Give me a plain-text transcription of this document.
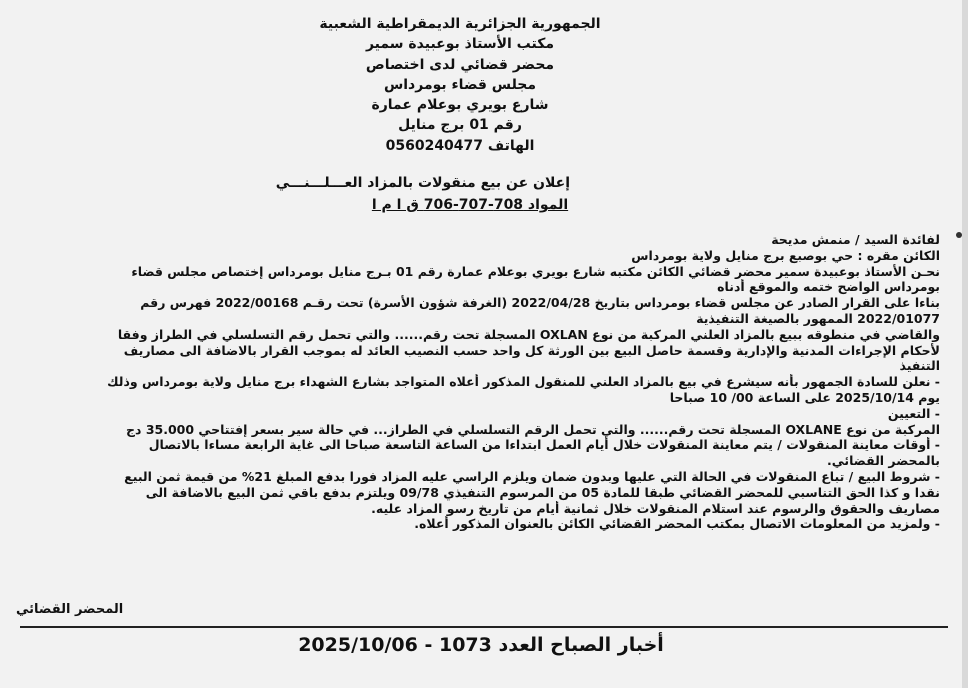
الجمهورية الجزائرية الديمقراطية الشعبية
مكتب الأستاذ بوعبيدة سمير
محضر قضائي لدى اختصاص
مجلس قضاء بومرداس
شارع بويري بوعلام عمارة
رقم 01 برج منايل
الهاتف 0560240477
إعلان عن بيع منقولات بالمزاد العـــلـــنـــي
المواد 708-707-706 ق ا م ا
لفائدة السيد / منمش مديحة
الكائن مقره : حي بوصبع برج منايل ولاية بومرداس
نحـن الأستاذ بوعبيدة سمير محضر قضائي الكائن مكتبه شارع بويري بوعلام عمارة رقم 01 بـرج منايل بومرداس إختصاص مجلس قضاء
بومرداس الواضح ختمه والموقع أدناه
بناءا على القرار الصادر عن مجلس قضاء بومرداس بتاريخ 2022/04/28 (الغرفة شؤون الأسرة) تحت رقـم 2022/00168 فهرس رقم
2022/01077 الممهور بالصيغة التنفيذية
والقاضي في منطوقه ببيع بالمزاد العلني المركبة من نوع OXLAN المسجلة تحت رقم...... والتي تحمل رقم التسلسلي في الطراز وفقا
لأحكام الإجراءات المدنية والإدارية وقسمة حاصل البيع بين الورثة كل واحد حسب النصيب العائد له بموجب القرار بالاضافة الى مصاريف
التنفيذ
- نعلن للسادة الجمهور بأنه سيشرع في بيع بالمزاد العلني للمنقول المذكور أعلاه المتواجد بشارع الشهداء برج منايل ولاية بومرداس وذلك
يوم 2025/10/14 على الساعة 00/ 10 صباحا
- التعيين
المركبة من نوع OXLANE المسجلة تحت رقم...... والتي تحمل الرقم التسلسلي في الطراز... في حالة سير بسعر إفتتاحي 35.000 دج
- أوقات معاينة المنقولات / يتم معاينة المنقولات خلال أيام العمل ابتداءا من الساعة التاسعة صباحا الى غاية الرابعة مساءا بالاتصال
بالمحضر القضائي.
- شروط البيع / تباع المنقولات في الحالة التي عليها وبدون ضمان ويلزم الراسي عليه المزاد فورا بدفع المبلغ 21% من قيمة ثمن البيع
نقدا و كذا الحق التناسبي للمحضر القضائي طبقا للمادة 05 من المرسوم التنفيذي 09/78 ويلتزم بدفع باقي ثمن البيع بالاضافة الى
مصاريف والحقوق والرسوم عند استلام المنقولات خلال ثمانية أيام من تاريخ رسو المزاد عليه.
- ولمزيد من المعلومات الاتصال بمكتب المحضر القضائي الكائن بالعنوان المذكور أعلاه.
المحضر القضائي
أخبار الصباح العدد 1073 - 2025/10/06
